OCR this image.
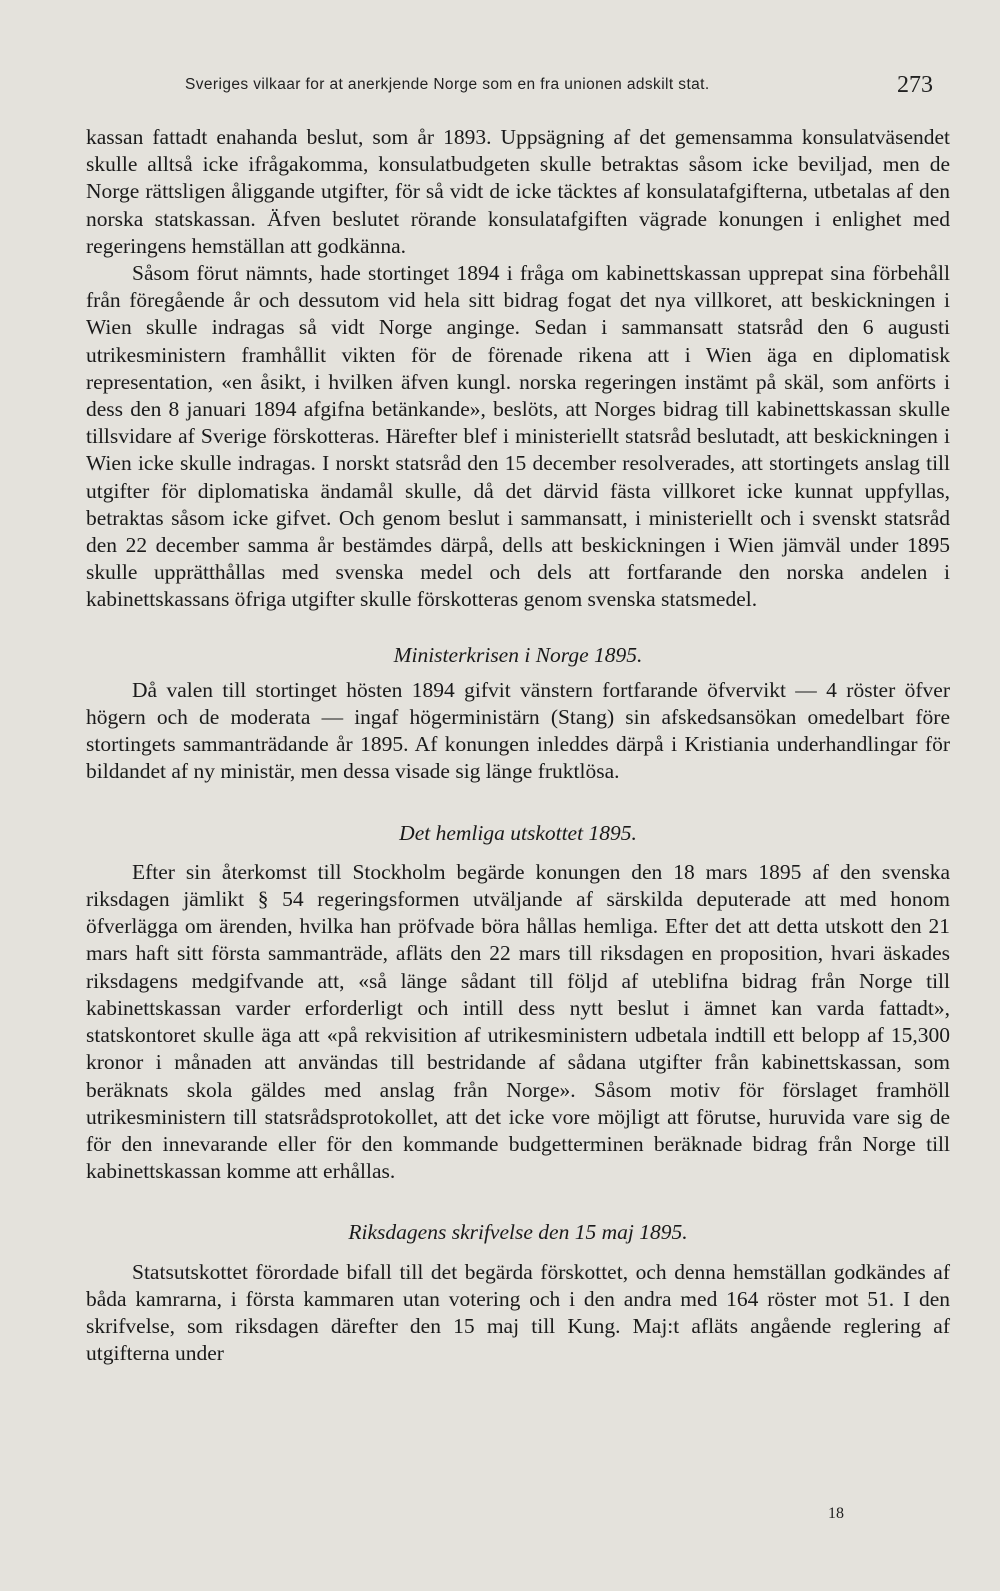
Sveriges vilkaar for at anerkjende Norge som en fra unionen adskilt stat.	273

kassan fattadt enahanda beslut, som år 1893. Uppsägning af det gemensamma konsulatväsendet skulle alltså icke ifrågakomma, konsulatbudgeten skulle betraktas såsom icke beviljad, men de Norge rättsligen åliggande utgifter, för så vidt de icke täcktes af konsulatafgifterna, utbetalas af den norska statskassan. Äfven beslutet rörande konsulatafgiften vägrade konungen i enlighet med regeringens hemställan att godkänna.

Såsom förut nämnts, hade stortinget 1894 i fråga om kabinettskassan upprepat sina förbehåll från föregående år och dessutom vid hela sitt bidrag fogat det nya villkoret, att beskickningen i Wien skulle indragas så vidt Norge anginge. Sedan i sammansatt statsråd den 6 augusti utrikesministern framhållit vikten för de förenade rikena att i Wien äga en diplomatisk representation, «en åsikt, i hvilken äfven kungl. norska regeringen instämt på skäl, som anförts i dess den 8 januari 1894 afgifna betänkande», beslöts, att Norges bidrag till kabinettskassan skulle tillsvidare af Sverige förskotteras. Härefter blef i ministeriellt statsråd beslutadt, att beskickningen i Wien icke skulle indragas. I norskt statsråd den 15 december resolverades, att stortingets anslag till utgifter för diplomatiska ändamål skulle, då det därvid fästa villkoret icke kunnat uppfyllas, betraktas såsom icke gifvet. Och genom beslut i sammansatt, i ministeriellt och i svenskt statsråd den 22 december samma år bestämdes därpå, dells att beskickningen i Wien jämväl under 1895 skulle upprätthållas med svenska medel och dels att fortfarande den norska andelen i kabinettskassans öfriga utgifter skulle förskotteras genom svenska statsmedel.

Ministerkrisen i Norge 1895.

Då valen till stortinget hösten 1894 gifvit vänstern fortfarande öfvervikt — 4 röster öfver högern och de moderata — ingaf högerministärn (Stang) sin afskedsansökan omedelbart före stortingets sammanträdande år 1895. Af konungen inleddes därpå i Kristiania underhandlingar för bildandet af ny ministär, men dessa visade sig länge fruktlösa.

Det hemliga utskottet 1895.

Efter sin återkomst till Stockholm begärde konungen den 18 mars 1895 af den svenska riksdagen jämlikt § 54 regeringsformen utväljande af särskilda deputerade att med honom öfverlägga om ärenden, hvilka han pröfvade böra hållas hemliga. Efter det att detta utskott den 21 mars haft sitt första sammanträde, afläts den 22 mars till riksdagen en proposition, hvari äskades riksdagens medgifvande att, «så länge sådant till följd af uteblifna bidrag från Norge till kabinettskassan varder erforderligt och intill dess nytt beslut i ämnet kan varda fattadt», statskontoret skulle äga att «på rekvisition af utrikesministern udbetala indtill ett belopp af 15,300 kronor i månaden att användas till bestridande af sådana utgifter från kabinettskassan, som beräknats skola gäldes med anslag från Norge». Såsom motiv för förslaget framhöll utrikesministern till statsrådsprotokollet, att det icke vore möjligt att förutse, huruvida vare sig de för den innevarande eller för den kommande budgetterminen beräknade bidrag från Norge till kabinettskassan komme att erhållas.

Riksdagens skrifvelse den 15 maj 1895.

Statsutskottet förordade bifall till det begärda förskottet, och denna hemställan godkändes af båda kamrarna, i första kammaren utan votering och i den andra med 164 röster mot 51. I den skrifvelse, som riksdagen därefter den 15 maj till Kung. Maj:t afläts angående reglering af utgifterna under

18
